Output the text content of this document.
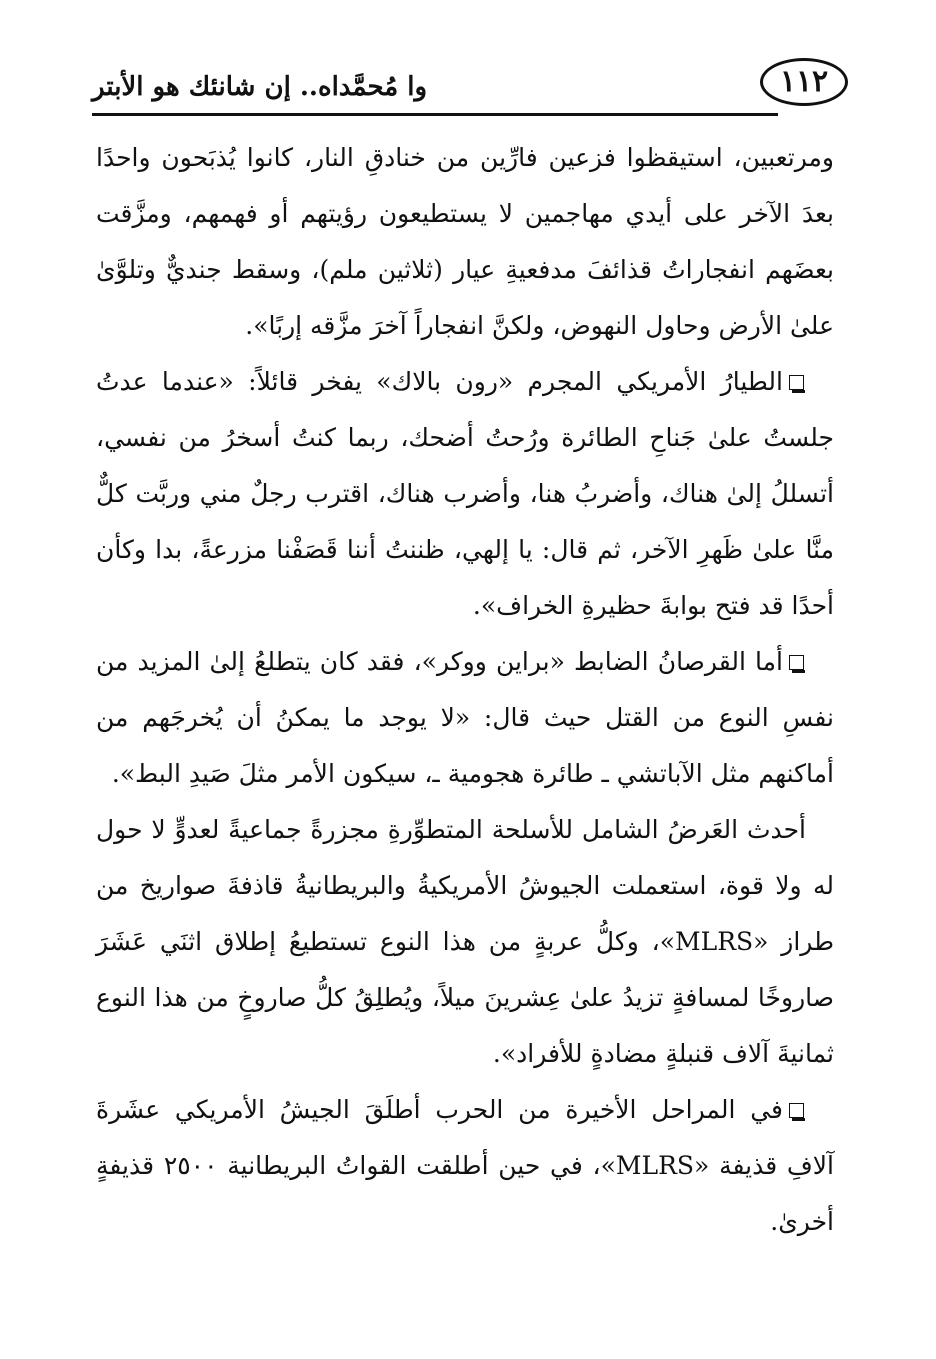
١١٢
وا مُحمَّداه.. إن شانئك هو الأبتر

ومرتعبين، استيقظوا فزعين فارِّين من خنادقِ النار، كانوا يُذبَحون واحدًا بعدَ الآخر على أيدي مهاجمين لا يستطيعون رؤيتهم أو فهمهم، ومزَّقت بعضَهم انفجاراتُ قذائفَ مدفعيةِ عيار (ثلاثين ملم)، وسقط جنديٌّ وتلوَّىٰ علىٰ الأرض وحاول النهوض، ولكنَّ انفجاراً آخرَ مزَّقه إربًا».

الطيارُ الأمريكي المجرم «رون بالاك» يفخر قائلاً: «عندما عدتُ جلستُ علىٰ جَناحِ الطائرة ورُحتُ أضحك، ربما كنتُ أسخرُ من نفسي، أتسللُ إلىٰ هناك، وأضربُ هنا، وأضرب هناك، اقترب رجلٌ مني وربَّت كلٌّ منَّا علىٰ ظَهرِ الآخر، ثم قال: يا إلهي، ظننتُ أننا قَصَفْنا مزرعةً، بدا وكأن أحدًا قد فتح بوابةَ حظيرةِ الخراف».

أما القرصانُ الضابط «براين ووكر»، فقد كان يتطلعُ إلىٰ المزيد من نفسِ النوع من القتل حيث قال: «لا يوجد ما يمكنُ أن يُخرجَهم من أماكنهم مثل الآباتشي ـ طائرة هجومية ـ، سيكون الأمر مثلَ صَيدِ البط».

أحدث العَرضُ الشامل للأسلحة المتطوِّرةِ مجزرةً جماعيةً لعدوٍّ لا حول له ولا قوة، استعملت الجيوشُ الأمريكيةُ والبريطانيةُ قاذفةَ صواريخ من طراز «MLRS»، وكلُّ عربةٍ من هذا النوع تستطيعُ إطلاق اثنَي عَشَرَ صاروخًا لمسافةٍ تزيدُ علىٰ عِشرينَ ميلاً، ويُطلِقُ كلُّ صاروخٍ من هذا النوع ثمانيةَ آلاف قنبلةٍ مضادةٍ للأفراد».

في المراحل الأخيرة من الحرب أطلَقَ الجيشُ الأمريكي عشَرةَ آلافِ قذيفة «MLRS»، في حين أطلقت القواتُ البريطانية ٢٥٠٠ قذيفةٍ أخرىٰ.
